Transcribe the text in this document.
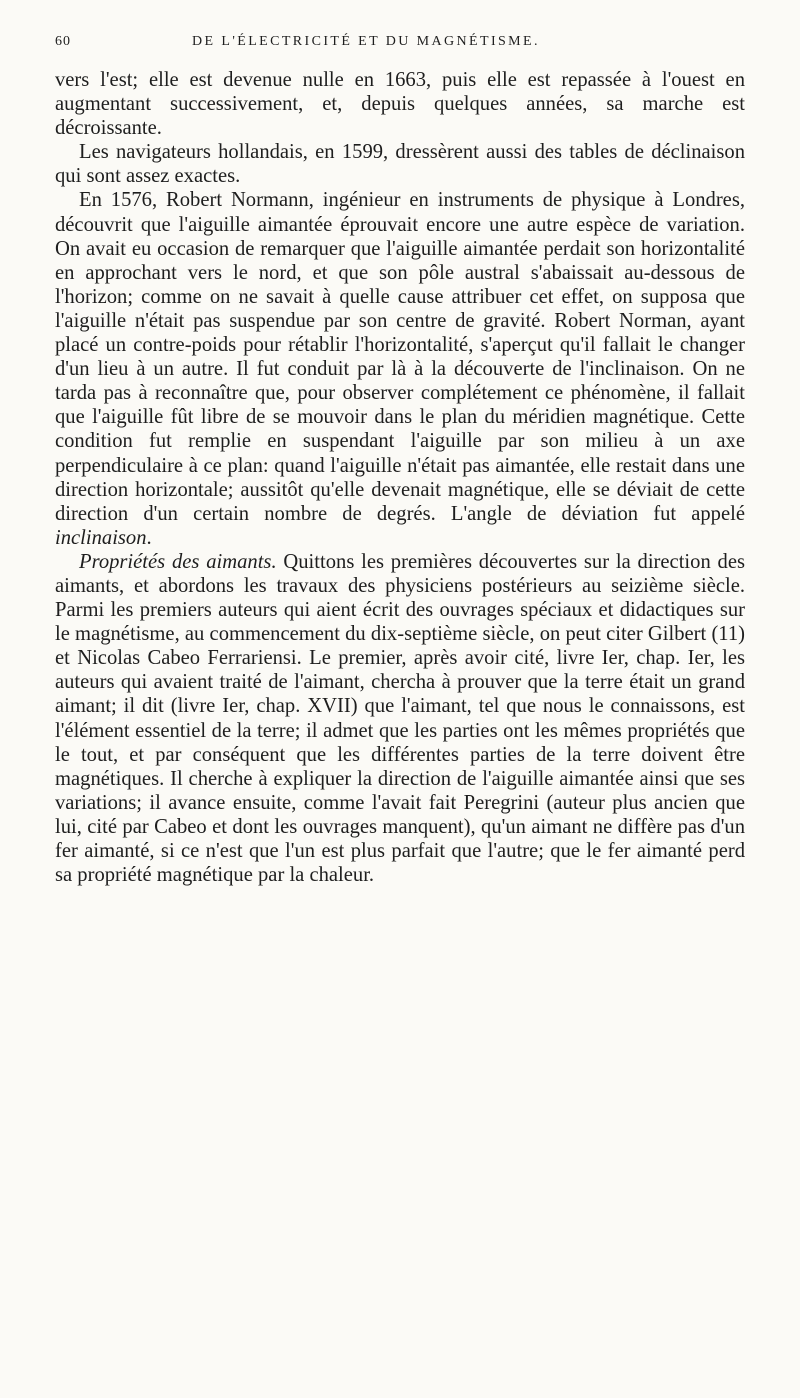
60	DE L'ÉLECTRICITÉ ET DU MAGNÉTISME.

vers l'est; elle est devenue nulle en 1663, puis elle est repassée à l'ouest en augmentant successivement, et, depuis quelques années, sa marche est décroissante.

Les navigateurs hollandais, en 1599, dressèrent aussi des tables de déclinaison qui sont assez exactes.

En 1576, Robert Normann, ingénieur en instruments de physique à Londres, découvrit que l'aiguille aimantée éprouvait encore une autre espèce de variation. On avait eu occasion de remarquer que l'aiguille aimantée perdait son horizontalité en approchant vers le nord, et que son pôle austral s'abaissait au-dessous de l'horizon; comme on ne savait à quelle cause attribuer cet effet, on supposa que l'aiguille n'était pas suspendue par son centre de gravité. Robert Norman, ayant placé un contre-poids pour rétablir l'horizontalité, s'aperçut qu'il fallait le changer d'un lieu à un autre. Il fut conduit par là à la découverte de l'inclinaison. On ne tarda pas à reconnaître que, pour observer complétement ce phénomène, il fallait que l'aiguille fût libre de se mouvoir dans le plan du méridien magnétique. Cette condition fut remplie en suspendant l'aiguille par son milieu à un axe perpendiculaire à ce plan: quand l'aiguille n'était pas aimantée, elle restait dans une direction horizontale; aussitôt qu'elle devenait magnétique, elle se déviait de cette direction d'un certain nombre de degrés. L'angle de déviation fut appelé inclinaison.

Propriétés des aimants. Quittons les premières découvertes sur la direction des aimants, et abordons les travaux des physiciens postérieurs au seizième siècle. Parmi les premiers auteurs qui aient écrit des ouvrages spéciaux et didactiques sur le magnétisme, au commencement du dix-septième siècle, on peut citer Gilbert (11) et Nicolas Cabeo Ferrariensi. Le premier, après avoir cité, livre Ier, chap. Ier, les auteurs qui avaient traité de l'aimant, chercha à prouver que la terre était un grand aimant; il dit (livre Ier, chap. XVII) que l'aimant, tel que nous le connaissons, est l'élément essentiel de la terre; il admet que les parties ont les mêmes propriétés que le tout, et par conséquent que les différentes parties de la terre doivent être magnétiques. Il cherche à expliquer la direction de l'aiguille aimantée ainsi que ses variations; il avance ensuite, comme l'avait fait Peregrini (auteur plus ancien que lui, cité par Cabeo et dont les ouvrages manquent), qu'un aimant ne diffère pas d'un fer aimanté, si ce n'est que l'un est plus parfait que l'autre; que le fer aimanté perd sa propriété magnétique par la chaleur.
